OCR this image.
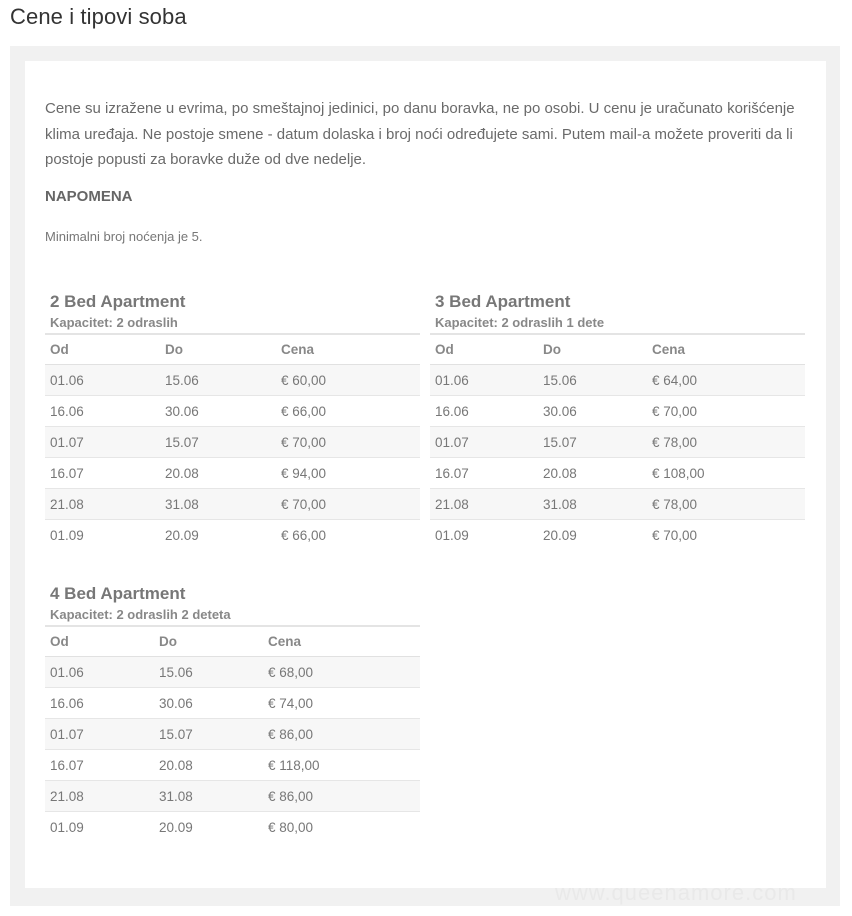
Cene i tipovi soba

Cene su izražene u evrima, po smeštajnoj jedinici, po danu boravka, ne po osobi. U cenu je uračunato korišćenje klima uređaja. Ne postoje smene - datum dolaska i broj noći određujete sami. Putem mail-a možete proveriti da li postoje popusti za boravke duže od dve nedelje.

NAPOMENA

Minimalni broj noćenja je 5.

2 Bed Apartment

Kapacitet: 2 odraslih

Od	Do	Cena
01.06	15.06	€ 60,00
16.06	30.06	€ 66,00
01.07	15.07	€ 70,00
16.07	20.08	€ 94,00
21.08	31.08	€ 70,00
01.09	20.09	€ 66,00
3 Bed Apartment

Kapacitet: 2 odraslih 1 dete

Od	Do	Cena
01.06	15.06	€ 64,00
16.06	30.06	€ 70,00
01.07	15.07	€ 78,00
16.07	20.08	€ 108,00
21.08	31.08	€ 78,00
01.09	20.09	€ 70,00
4 Bed Apartment

Kapacitet: 2 odraslih 2 deteta

Od	Do	Cena
01.06	15.06	€ 68,00
16.06	30.06	€ 74,00
01.07	15.07	€ 86,00
16.07	20.08	€ 118,00
21.08	31.08	€ 86,00
01.09	20.09	€ 80,00
www.queenamore.com
